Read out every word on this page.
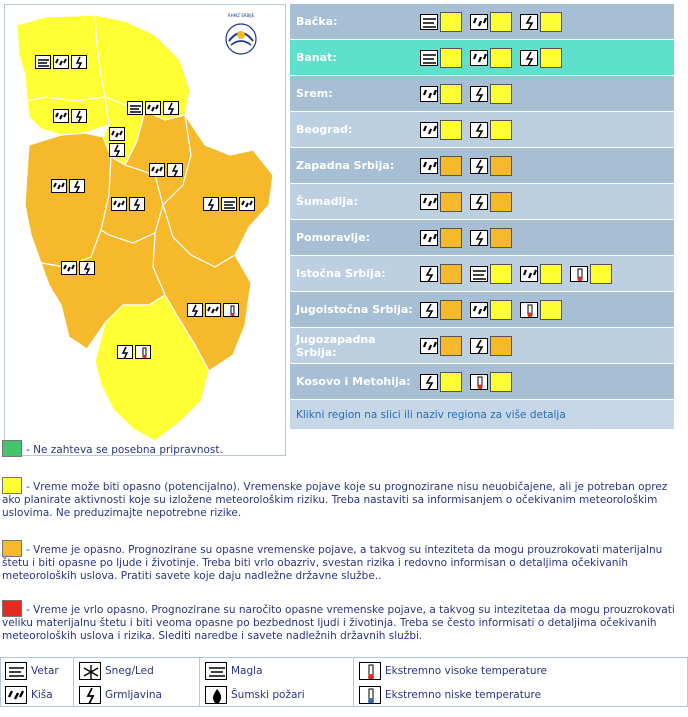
RHMZ SRBIJE	Bačka:
Banat:
Srem:
Beograd:
Zapadna Srbija:
Šumadija:
Pomoravlje:
Istočna Srbija:
Jugoistočna Srbija:
Jugozapadna Srbija:
Kosovo i Metohija:
Klikni region na slici ili naziv regiona za više detalja
- Ne zahteva se posebna pripravnost.
- Vreme može biti opasno (potencijalno). Vremenske pojave koje su prognozirane nisu neuobičajene, ali je potreban oprez ako planirate aktivnosti koje su izložene meteorološkim riziku. Treba nastaviti sa informisanjem o očekivanim meteorološkim uslovima. Ne preduzimajte nepotrebne rizike.
- Vreme je opasno. Prognozirane su opasne vremenske pojave, a takvog su intezitetа da mogu prouzrokovati materijalnu štetu i biti opasne po ljude i životinje. Treba biti vrlo obazriv, svestan rizika i redovno informisan o detaljima očekivanih meteoroloških uslova. Pratiti savete koje daju nadležne državne službe..
- Vreme je vrlo opasno. Prognozirane su naročito opasne vremenske pojave, a takvog su intezitetaa da mogu prouzrokovati veliku materijalnu štetu i biti veoma opasne po bezbednost ljudi i životinja. Treba se često informisati o detaljima očekivanih meteoroloških uslova i rizika. Slediti naredbe i savete nadležnih državnih službi.
Vetar
Kiša
Sneg/Led
Grmljavina
Magla
Šumski požari
Ekstremno visoke temperature
Ekstremno niske temperature
